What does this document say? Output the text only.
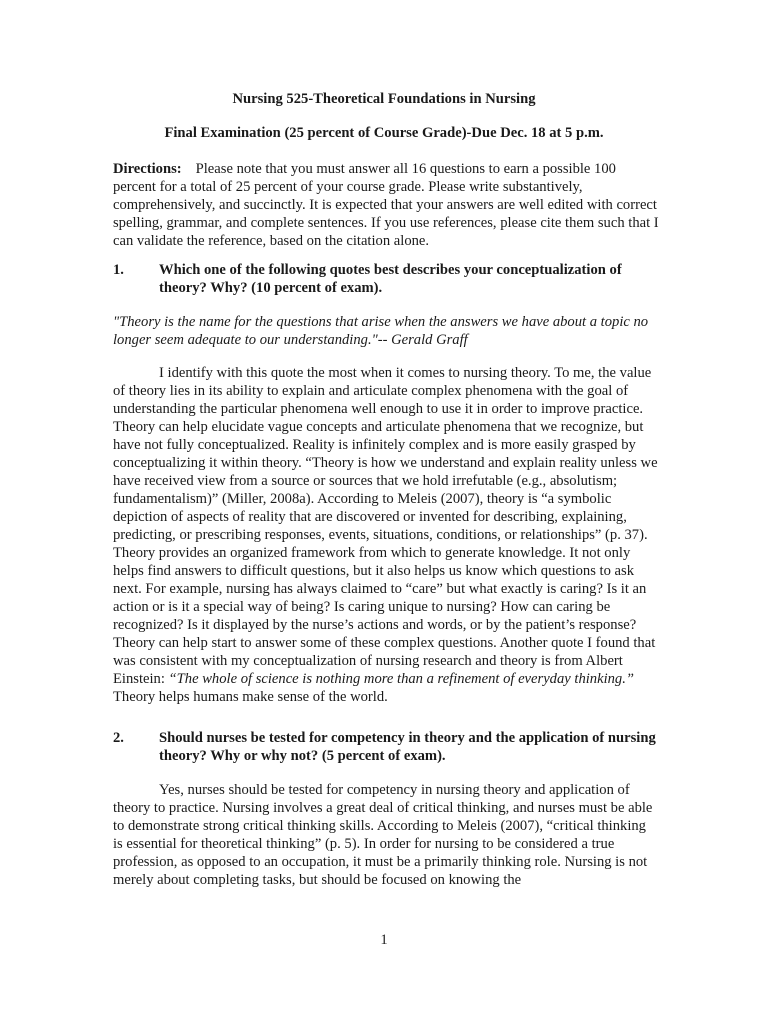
Nursing 525-Theoretical Foundations in Nursing

Final Examination (25 percent of Course Grade)-Due Dec. 18 at 5 p.m.

Directions: Please note that you must answer all 16 questions to earn a possible 100 percent for a total of 25 percent of your course grade. Please write substantively, comprehensively, and succinctly. It is expected that your answers are well edited with correct spelling, grammar, and complete sentences. If you use references, please cite them such that I can validate the reference, based on the citation alone.

1. Which one of the following quotes best describes your conceptualization of theory? Why? (10 percent of exam).

"Theory is the name for the questions that arise when the answers we have about a topic no longer seem adequate to our understanding."-- Gerald Graff

I identify with this quote the most when it comes to nursing theory. To me, the value of theory lies in its ability to explain and articulate complex phenomena with the goal of understanding the particular phenomena well enough to use it in order to improve practice. Theory can help elucidate vague concepts and articulate phenomena that we recognize, but have not fully conceptualized. Reality is infinitely complex and is more easily grasped by conceptualizing it within theory. “Theory is how we understand and explain reality unless we have received view from a source or sources that we hold irrefutable (e.g., absolutism; fundamentalism)” (Miller, 2008a). According to Meleis (2007), theory is “a symbolic depiction of aspects of reality that are discovered or invented for describing, explaining, predicting, or prescribing responses, events, situations, conditions, or relationships” (p. 37). Theory provides an organized framework from which to generate knowledge. It not only helps find answers to difficult questions, but it also helps us know which questions to ask next. For example, nursing has always claimed to “care” but what exactly is caring? Is it an action or is it a special way of being? Is caring unique to nursing? How can caring be recognized? Is it displayed by the nurse’s actions and words, or by the patient’s response? Theory can help start to answer some of these complex questions. Another quote I found that was consistent with my conceptualization of nursing research and theory is from Albert Einstein: “The whole of science is nothing more than a refinement of everyday thinking.” Theory helps humans make sense of the world.

2. Should nurses be tested for competency in theory and the application of nursing theory? Why or why not? (5 percent of exam).

Yes, nurses should be tested for competency in nursing theory and application of theory to practice. Nursing involves a great deal of critical thinking, and nurses must be able to demonstrate strong critical thinking skills. According to Meleis (2007), “critical thinking is essential for theoretical thinking” (p. 5). In order for nursing to be considered a true profession, as opposed to an occupation, it must be a primarily thinking role. Nursing is not merely about completing tasks, but should be focused on knowing the

1
